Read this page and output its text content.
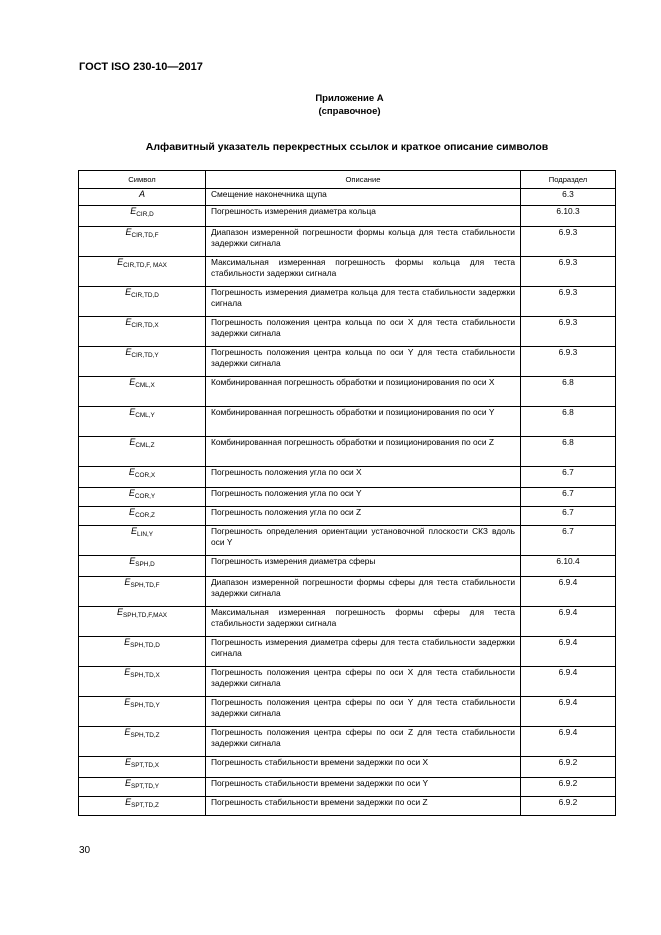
ГОСТ ISO 230-10—2017
Приложение А
(справочное)
Алфавитный указатель перекрестных ссылок и краткое описание символов
Символ	Описание	Подраздел
A	Смещение наконечника щупа	6.3
$E_{CIR,D}$	Погрешность измерения диаметра кольца	6.10.3
$E_{CIR,TD,F}$	Диапазон измеренной погрешности формы кольца для теста стабильности задержки сигнала	6.9.3
$E_{CIR,TD,F, MAX}$	Максимальная измеренная погрешность формы кольца для теста стабильности задержки сигнала	6.9.3
$E_{CIR,TD,D}$	Погрешность измерения диаметра кольца для теста стабильности задержки сигнала	6.9.3
$E_{CIR,TD,X}$	Погрешность положения центра кольца по оси X для теста стабильности задержки сигнала	6.9.3
$E_{CIR,TD,Y}$	Погрешность положения центра кольца по оси Y для теста стабильности задержки сигнала	6.9.3
$E_{CML,X}$	Комбинированная погрешность обработки и позиционирования по оси X	6.8
$E_{CML,Y}$	Комбинированная погрешность обработки и позиционирования по оси Y	6.8
$E_{CML,Z}$	Комбинированная погрешность обработки и позиционирования по оси Z	6.8
$E_{COR,X}$	Погрешность положения угла по оси X	6.7
$E_{COR,Y}$	Погрешность положения угла по оси Y	6.7
$E_{COR,Z}$	Погрешность положения угла по оси Z	6.7
$E_{LIN,Y}$	Погрешность определения ориентации установочной плоскости СКЗ вдоль оси Y	6.7
$E_{SPH,D}$	Погрешность измерения диаметра сферы	6.10.4
$E_{SPH,TD,F}$	Диапазон измеренной погрешности формы сферы для теста стабильности задержки сигнала	6.9.4
$E_{SPH,TD,F,MAX}$	Максимальная измеренная погрешность формы сферы для теста стабильности задержки сигнала	6.9.4
$E_{SPH,TD,D}$	Погрешность измерения диаметра сферы для теста стабильности задержки сигнала	6.9.4
$E_{SPH,TD,X}$	Погрешность положения центра сферы по оси X для теста стабильности задержки сигнала	6.9.4
$E_{SPH,TD,Y}$	Погрешность положения центра сферы по оси Y для теста стабильности задержки сигнала	6.9.4
$E_{SPH,TD,Z}$	Погрешность положения центра сферы по оси Z для теста стабильности задержки сигнала	6.9.4
$E_{SPT,TD,X}$	Погрешность стабильности времени задержки по оси X	6.9.2
$E_{SPT,TD,Y}$	Погрешность стабильности времени задержки по оси Y	6.9.2
$E_{SPT,TD,Z}$	Погрешность стабильности времени задержки по оси Z	6.9.2
30
